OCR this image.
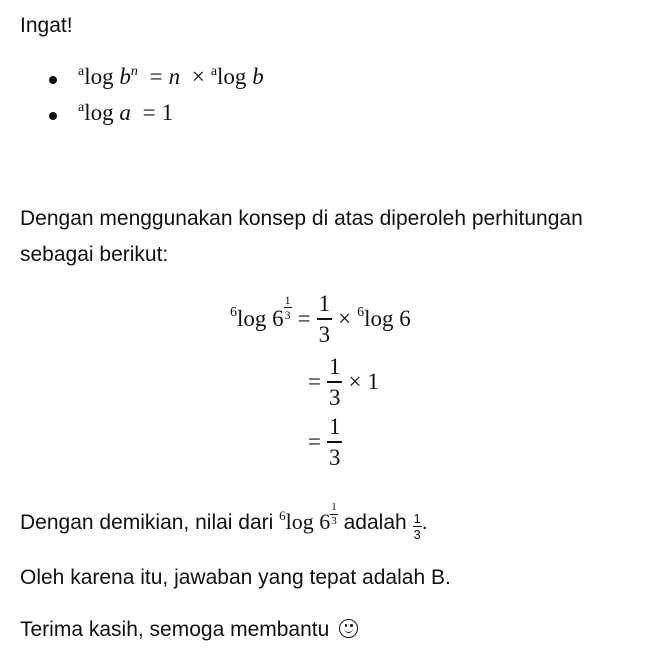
Ingat!
$^a$log $b^n = n \times ^a\log$ b
$^a$log a = 1
Dengan menggunakan konsep di atas diperoleh perhitungan
sebagai berikut:
6 log
$6 \frac{1}{3} = \frac{1}{3} \times 6$ log
6
= $\frac{1}{3} \times 1$
= $\frac{1}{3}$
Dengan demikian, nilai dari 6 log
$6 \frac{1}{3}$ adalah $\frac{1}{3}$ .
Oleh karena itu, jawaban yang tepat adalah B.
Terima kasih, semoga membantu
